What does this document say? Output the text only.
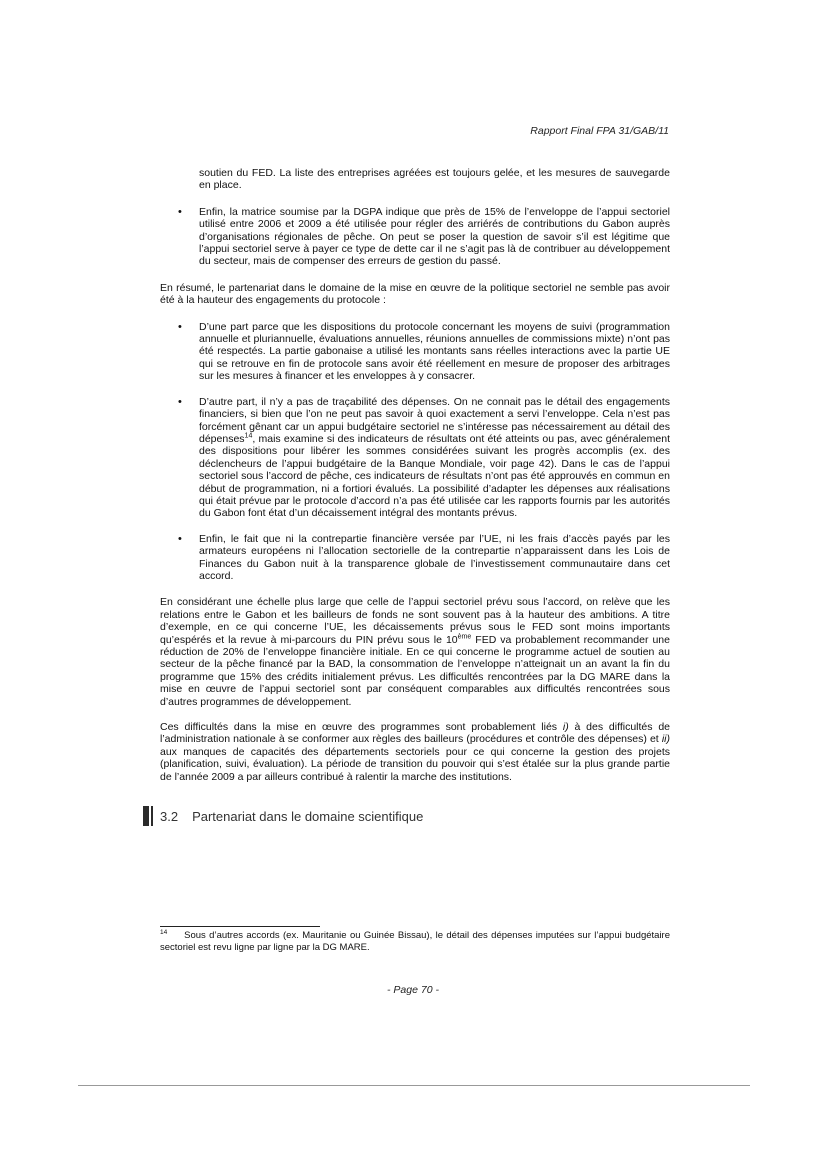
Rapport Final FPA 31/GAB/11

soutien du FED. La liste des entreprises agréées est toujours gelée, et les mesures de sauvegarde en place.

• Enfin, la matrice soumise par la DGPA indique que près de 15% de l’enveloppe de l’appui sectoriel utilisé entre 2006 et 2009 a été utilisée pour régler des arriérés de contributions du Gabon auprès d’organisations régionales de pêche. On peut se poser la question de savoir s’il est légitime que l’appui sectoriel serve à payer ce type de dette car il ne s’agit pas là de contribuer au développement du secteur, mais de compenser des erreurs de gestion du passé.

En résumé, le partenariat dans le domaine de la mise en œuvre de la politique sectoriel ne semble pas avoir été à la hauteur des engagements du protocole :

• D’une part parce que les dispositions du protocole concernant les moyens de suivi (programmation annuelle et pluriannuelle, évaluations annuelles, réunions annuelles de commissions mixte) n’ont pas été respectés. La partie gabonaise a utilisé les montants sans réelles interactions avec la partie UE qui se retrouve en fin de protocole sans avoir été réellement en mesure de proposer des arbitrages sur les mesures à financer et les enveloppes à y consacrer.
• D’autre part, il n’y a pas de traçabilité des dépenses. On ne connait pas le détail des engagements financiers, si bien que l’on ne peut pas savoir à quoi exactement a servi l’enveloppe. Cela n’est pas forcément gênant car un appui budgétaire sectoriel ne s’intéresse pas nécessairement au détail des dépenses$^{14}$, mais examine si des indicateurs de résultats ont été atteints ou pas, avec généralement des dispositions pour libérer les sommes considérées suivant les progrès accomplis (ex. des déclencheurs de l’appui budgétaire de la Banque Mondiale, voir page 42). Dans le cas de l’appui sectoriel sous l’accord de pêche, ces indicateurs de résultats n’ont pas été approuvés en commun en début de programmation, ni a fortiori évalués. La possibilité d’adapter les dépenses aux réalisations qui était prévue par le protocole d’accord n’a pas été utilisée car les rapports fournis par les autorités du Gabon font état d’un décaissement intégral des montants prévus.
• Enfin, le fait que ni la contrepartie financière versée par l’UE, ni les frais d’accès payés par les armateurs européens ni l’allocation sectorielle de la contrepartie n’apparaissent dans les Lois de Finances du Gabon nuit à la transparence globale de l’investissement communautaire dans cet accord.

En considérant une échelle plus large que celle de l’appui sectoriel prévu sous l’accord, on relève que les relations entre le Gabon et les bailleurs de fonds ne sont souvent pas à la hauteur des ambitions. A titre d’exemple, en ce qui concerne l’UE, les décaissements prévus sous le FED sont moins importants qu’espérés et la revue à mi-parcours du PIN prévu sous le 10ème FED va probablement recommander une réduction de 20% de l’enveloppe financière initiale. En ce qui concerne le programme actuel de soutien au secteur de la pêche financé par la BAD, la consommation de l’enveloppe n’atteignait un an avant la fin du programme que 15% des crédits initialement prévus. Les difficultés rencontrées par la DG MARE dans la mise en œuvre de l’appui sectoriel sont par conséquent comparables aux difficultés rencontrées sous d’autres programmes de développement.

Ces difficultés dans la mise en œuvre des programmes sont probablement liés i) à des difficultés de l’administration nationale à se conformer aux règles des bailleurs (procédures et contrôle des dépenses) et ii) aux manques de capacités des départements sectoriels pour ce qui concerne la gestion des projets (planification, suivi, évaluation). La période de transition du pouvoir qui s’est étalée sur la plus grande partie de l’année 2009 a par ailleurs contribué à ralentir la marche des institutions.

3.2 Partenariat dans le domaine scientifique
$^{14}$ Sous d’autres accords (ex. Mauritanie ou Guinée Bissau), le détail des dépenses imputées sur l’appui budgétaire sectoriel est revu ligne par ligne par la DG MARE.
- Page 70 -
